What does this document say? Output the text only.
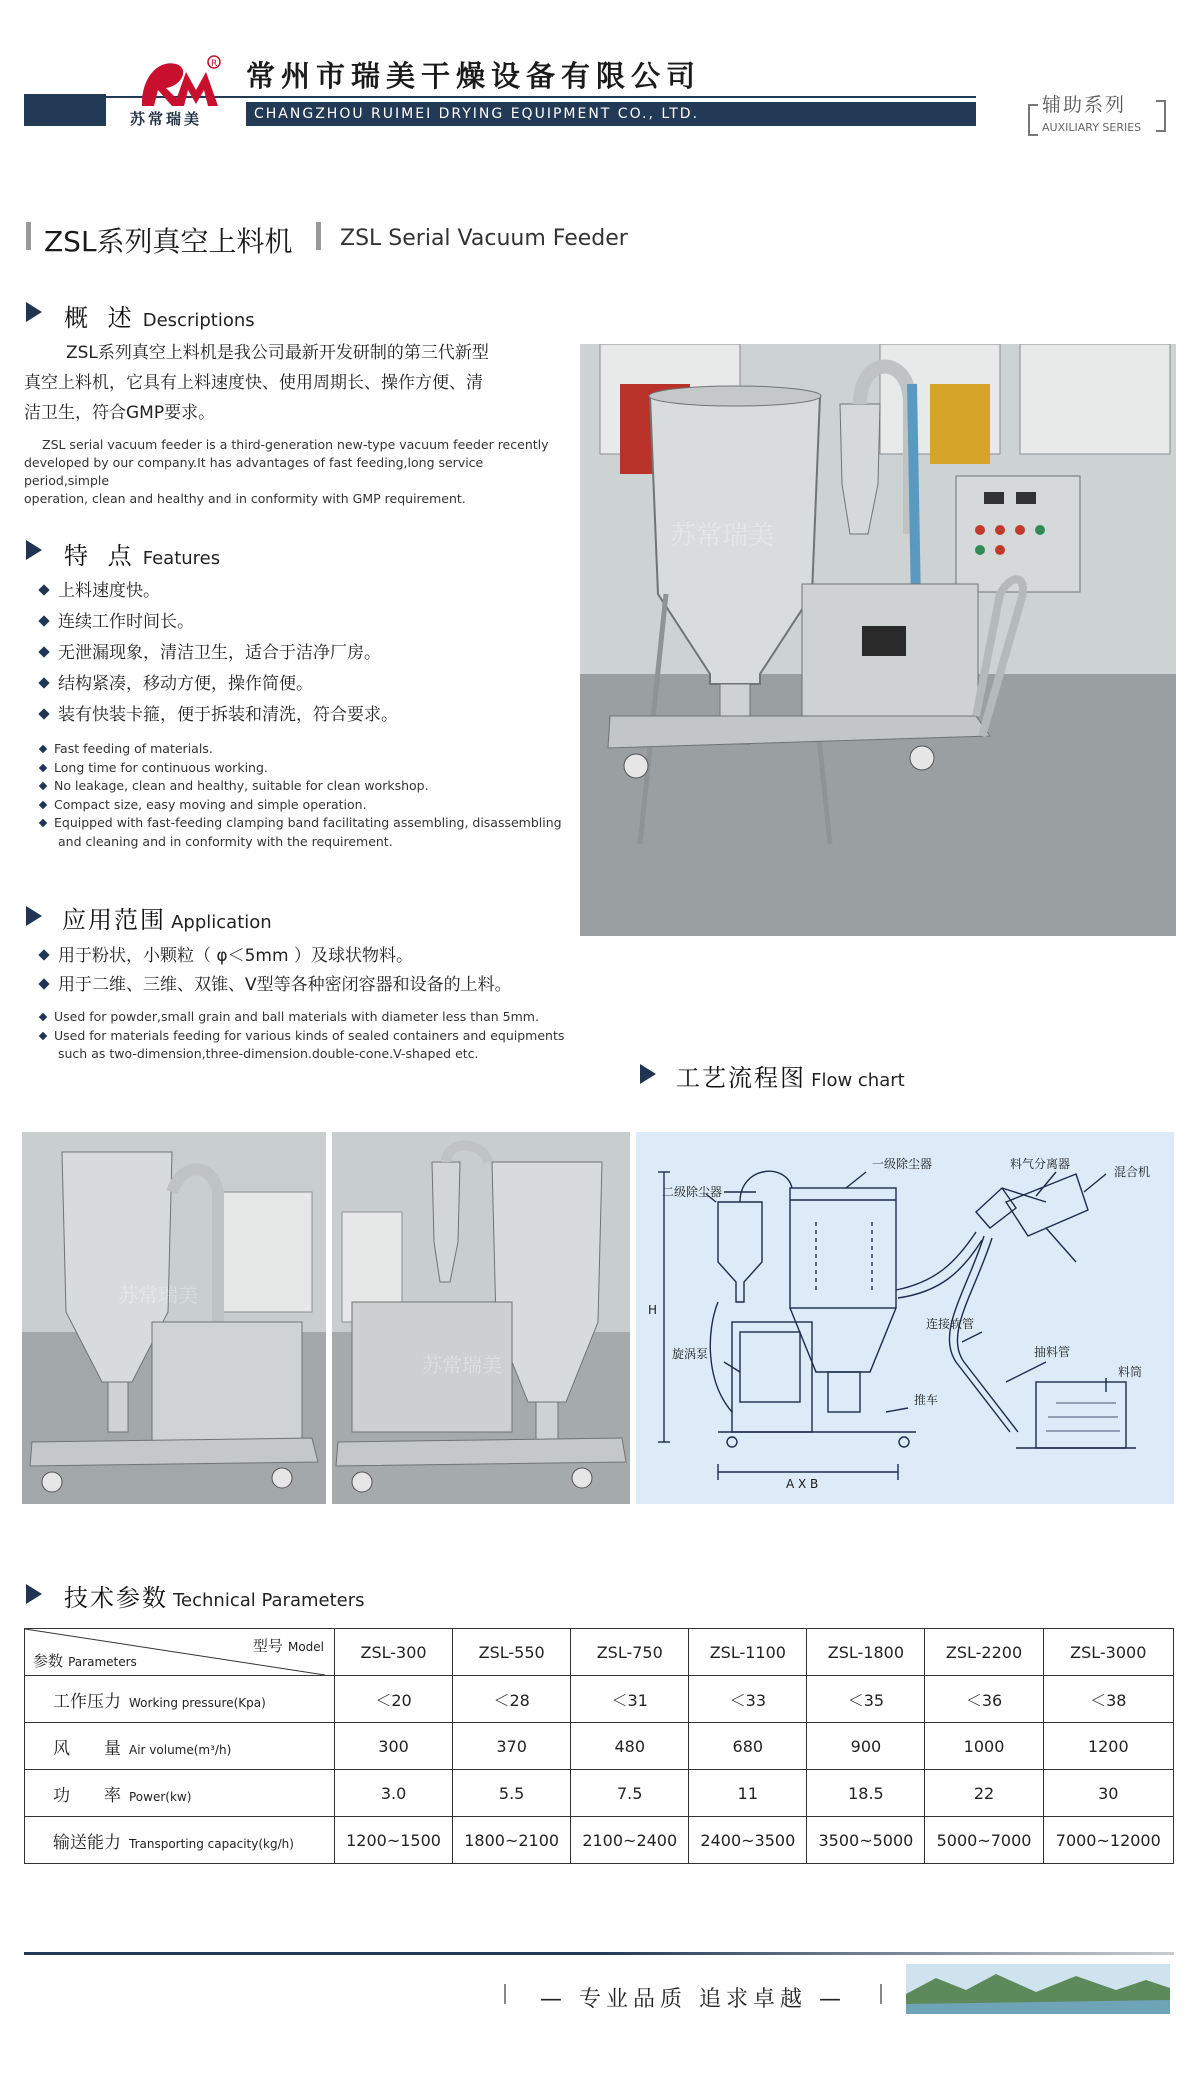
R
苏常瑞美
常州市瑞美干燥设备有限公司
CHANGZHOU RUIMEI DRYING EQUIPMENT CO., LTD.	辅助系列
AUXILIARY SERIES
ZSL系列真空上料机 ZSL Serial Vacuum Feeder
概 述 Descriptions
ZSL系列真空上料机是我公司最新开发研制的第三代新型
真空上料机，它具有上料速度快、使用周期长、操作方便、清
洁卫生，符合GMP要求。
ZSL serial vacuum feeder is a third-generation new-type vacuum feeder recently
developed by our company.It has advantages of fast feeding,long service period,simple
operation, clean and healthy and in conformity with GMP requirement.
苏常瑞美
特 点 Features
上料速度快。
连续工作时间长。
无泄漏现象，清洁卫生，适合于洁净厂房。
结构紧凑，移动方便，操作简便。
装有快装卡箍，便于拆装和清洗，符合要求。
Fast feeding of materials.
Long time for continuous working.
No leakage, clean and healthy, suitable for clean workshop.
Compact size, easy moving and simple operation.
Equipped with fast-feeding clamping band facilitating assembling, disassembling
and cleaning and in conformity with the requirement.
应用范围 Application
用于粉状，小颗粒（ φ＜5mm ）及球状物料。
用于二维、三维、双锥、V型等各种密闭容器和设备的上料。
Used for powder,small grain and ball materials with diameter less than 5mm.
Used for materials feeding for various kinds of sealed containers and equipments
such as two-dimension,three-dimension.double-cone.V-shaped etc.
工艺流程图 Flow chart
苏常瑞美
苏常瑞美
一级除尘器
二级除尘器
料气分离器
混合机
连接软管
抽料管
料筒
旋涡泵
推车
A X B
H
技术参数 Technical Parameters
型号 Model
参数 Parameters	ZSL-300	ZSL-550	ZSL-750	ZSL-1100	ZSL-1800	ZSL-2200	ZSL-3000
工作压力 Working pressure(Kpa)	＜20	＜28	＜31	＜33	＜35	＜36	＜38
风　　量 Air volume(m³/h)	300	370	480	680	900	1000	1200
功　　率 Power(kw)	3.0	5.5	7.5	11	18.5	22	30
输送能力 Transporting capacity(kg/h)	1200~1500	1800~2100	2100~2400	2400~3500	3500~5000	5000~7000	7000~12000
— 专业品质 追求卓越 —
